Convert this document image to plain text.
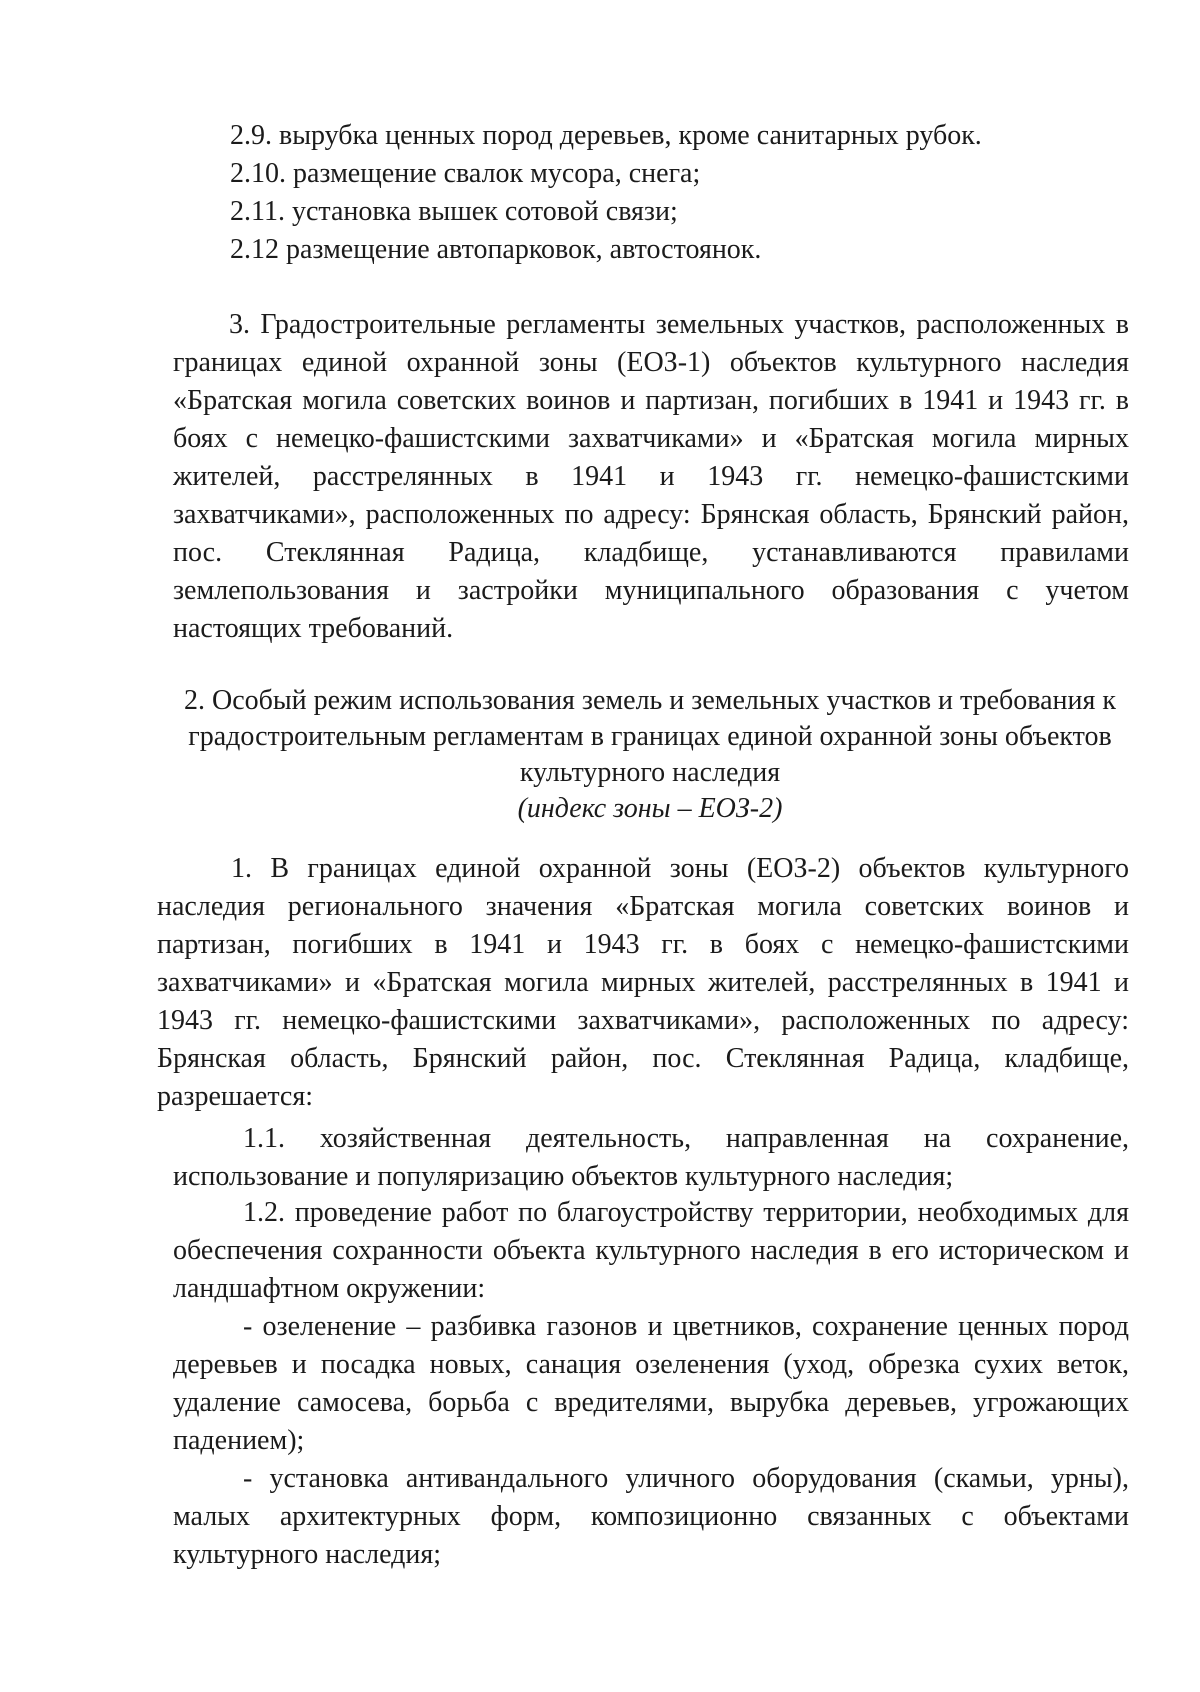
2.9. вырубка ценных пород деревьев, кроме санитарных рубок.

2.10. размещение свалок мусора, снега;

2.11. установка вышек сотовой связи;

2.12 размещение автопарковок, автостоянок.

3. Градостроительные регламенты земельных участков, расположенных в границах единой охранной зоны (ЕОЗ-1) объектов культурного наследия «Братская могила советских воинов и партизан, погибших в 1941 и 1943 гг. в боях с немецко-фашистскими захватчиками» и «Братская могила мирных жителей, расстрелянных в 1941 и 1943 гг. немецко-фашистскими захватчиками», расположенных по адресу: Брянская область, Брянский район, пос. Стеклянная Радица, кладбище, устанавливаются правилами землепользования и застройки муниципального образования с учетом настоящих требований.

2. Особый режим использования земель и земельных участков и требования к

градостроительным регламентам в границах единой охранной зоны объектов

культурного наследия

(индекс зоны – ЕОЗ-2)

1. В границах единой охранной зоны (ЕОЗ-2) объектов культурного наследия регионального значения «Братская могила советских воинов и партизан, погибших в 1941 и 1943 гг. в боях с немецко-фашистскими захватчиками» и «Братская могила мирных жителей, расстрелянных в 1941 и 1943 гг. немецко-фашистскими захватчиками», расположенных по адресу: Брянская область, Брянский район, пос. Стеклянная Радица, кладбище, разрешается:

1.1. хозяйственная деятельность, направленная на сохранение, использование и популяризацию объектов культурного наследия;

1.2. проведение работ по благоустройству территории, необходимых для обеспечения сохранности объекта культурного наследия в его историческом и ландшафтном окружении:

- озеленение – разбивка газонов и цветников, сохранение ценных пород деревьев и посадка новых, санация озеленения (уход, обрезка сухих веток, удаление самосева, борьба с вредителями, вырубка деревьев, угрожающих падением);

- установка антивандального уличного оборудования (скамьи, урны), малых архитектурных форм, композиционно связанных с объектами культурного наследия;
